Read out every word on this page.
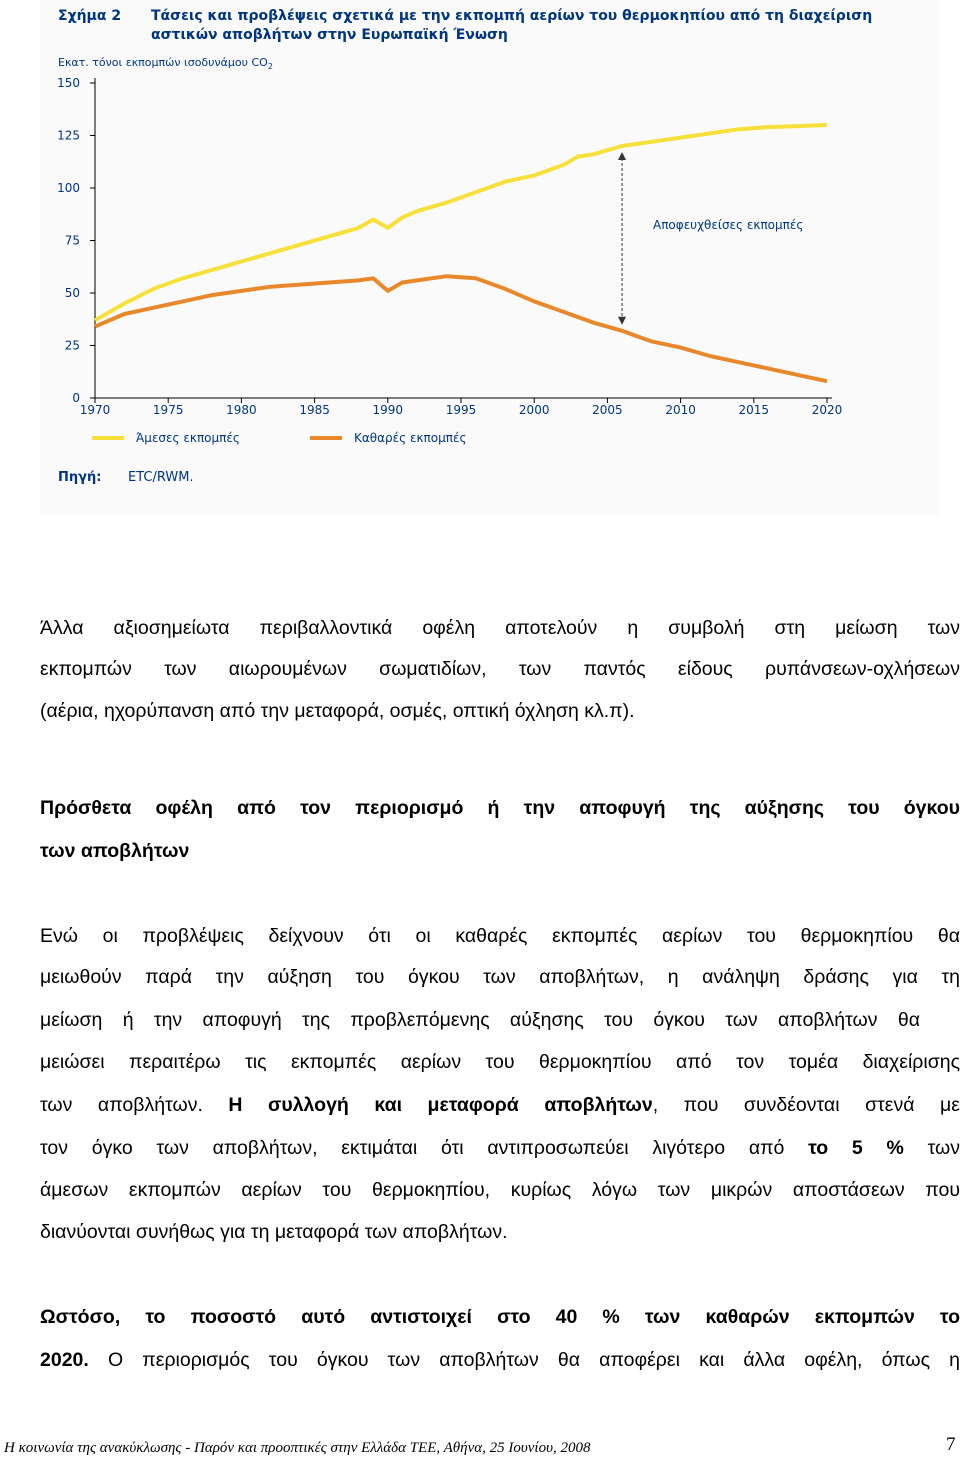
Σχήμα 2	Τάσεις και προβλέψεις σχετικά με την εκπομπή αερίων του θερμοκηπίου από τη διαχείριση αστικών αποβλήτων στην Ευρωπαϊκή Ένωση
Εκατ. τόνοι εκπομπών ισοδυνάμου $CO_2$
0
25
50
75
100
125
150
1970	1975	1980	1985	1990	1995	2000	2005	2010	2015	2020
Αποφευχθείσες εκπομπές
Άμεσες εκπομπές	Καθαρές εκπομπές
Πηγή: ETC/RWM.
Άλλα αξιοσημείωτα περιβαλλοντικά οφέλη αποτελούν η συμβολή στη μείωση των
εκπομπών των αιωρουμένων σωματιδίων, των παντός είδους ρυπάνσεων-οχλήσεων
(αέρια, ηχορύπανση από την μεταφορά, οσμές, οπτική όχληση κλ.π).
Πρόσθετα οφέλη από τον περιορισμό ή την αποφυγή της αύξησης του όγκου
των αποβλήτων
Ενώ οι προβλέψεις δείχνουν ότι οι καθαρές εκπομπές αερίων του θερμοκηπίου θα
μειωθούν παρά την αύξηση του όγκου των αποβλήτων, η ανάληψη δράσης για τη
μείωση ή την αποφυγή της προβλεπόμενης αύξησης του όγκου των αποβλήτων θα
μειώσει περαιτέρω τις εκπομπές αερίων του θερμοκηπίου από τον τομέα διαχείρισης
των αποβλήτων. Η συλλογή και μεταφορά αποβλήτων, που συνδέονται στενά με
τον όγκο των αποβλήτων, εκτιμάται ότι αντιπροσωπεύει λιγότερο από το 5 % των
άμεσων εκπομπών αερίων του θερμοκηπίου, κυρίως λόγω των μικρών αποστάσεων που
διανύονται συνήθως για τη μεταφορά των αποβλήτων.
Ωστόσο, το ποσοστό αυτό αντιστοιχεί στο 40 % των καθαρών εκπομπών το
2020. Ο περιορισμός του όγκου των αποβλήτων θα αποφέρει και άλλα οφέλη, όπως η
Η κοινωνία της ανακύκλωσης - Παρόν και προοπτικές στην Ελλάδα ΤΕΕ, Αθήνα, 25 Ιουνίου, 2008	7
